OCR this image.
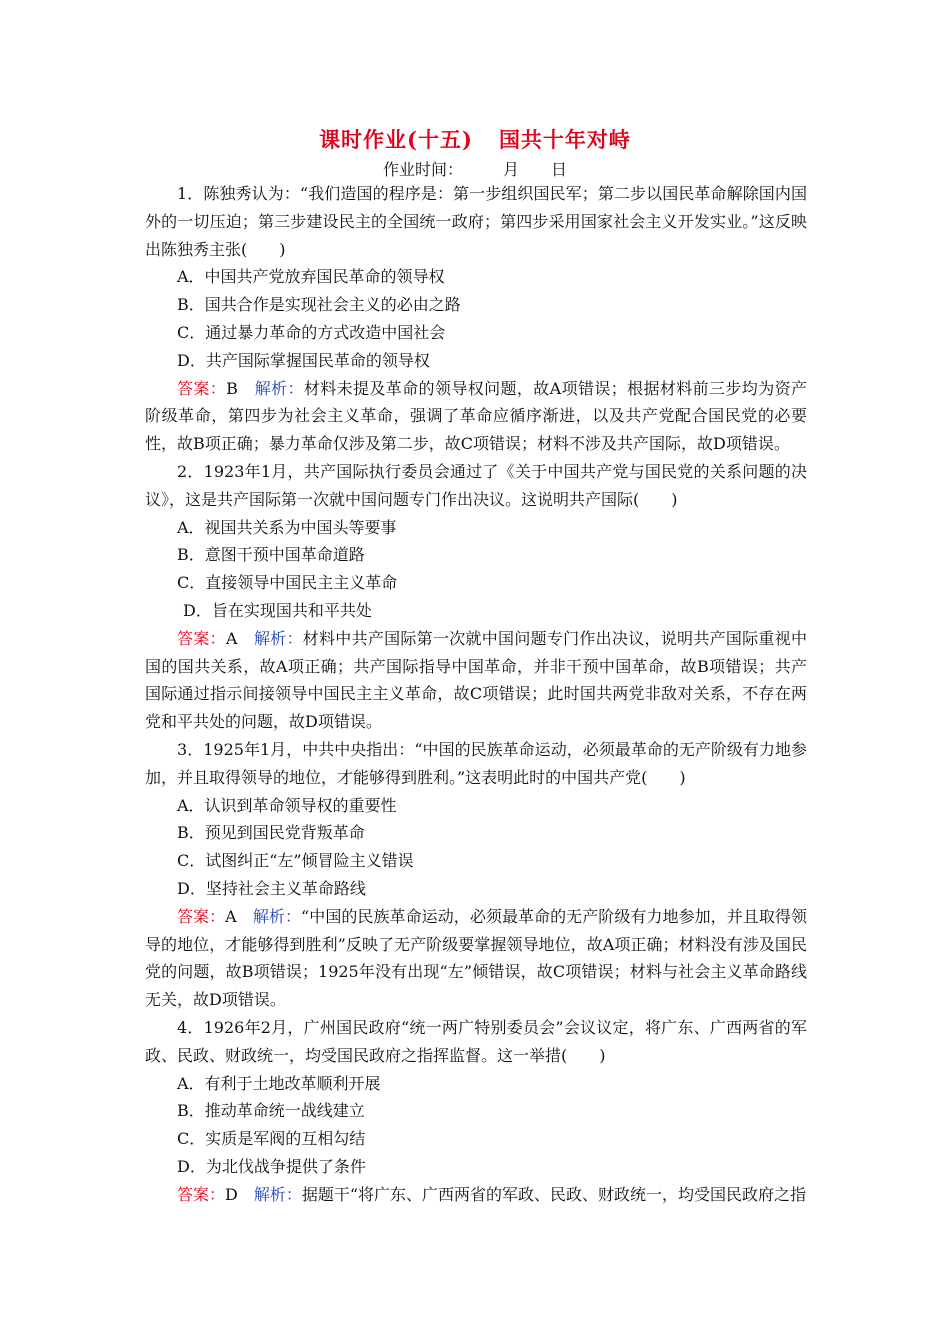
课时作业(十五) 国共十年对峙
作业时间：	月 日
1．陈独秀认为：“我们造国的程序是：第一步组织国民军；第二步以国民革命解除国内国外的一切压迫；第三步建设民主的全国统一政府；第四步采用国家社会主义开发实业。”这反映出陈独秀主张(　　)
A．中国共产党放弃国民革命的领导权
B．国共合作是实现社会主义的必由之路
C．通过暴力革命的方式改造中国社会
D．共产国际掌握国民革命的领导权
答案：B　 解析：材料未提及革命的领导权问题，故A项错误；根据材料前三步均为资产阶级革命，第四步为社会主义革命，强调了革命应循序渐进，以及共产党配合国民党的必要性，故B项正确；暴力革命仅涉及第二步，故C项错误；材料不涉及共产国际，故D项错误。
2．1923年1月，共产国际执行委员会通过了《关于中国共产党与国民党的关系问题的决议》，这是共产国际第一次就中国问题专门作出决议。这说明共产国际(　　)
A．视国共关系为中国头等要事
B．意图干预中国革命道路
C．直接领导中国民主主义革命
D．旨在实现国共和平共处
答案：A　 解析：材料中共产国际第一次就中国问题专门作出决议，说明共产国际重视中国的国共关系，故A项正确；共产国际指导中国革命，并非干预中国革命，故B项错误；共产国际通过指示间接领导中国民主主义革命，故C项错误；此时国共两党非敌对关系，不存在两党和平共处的问题，故D项错误。
3．1925年1月，中共中央指出：“中国的民族革命运动，必须最革命的无产阶级有力地参加，并且取得领导的地位，才能够得到胜利。”这表明此时的中国共产党(　　)
A．认识到革命领导权的重要性
B．预见到国民党背叛革命
C．试图纠正“左”倾冒险主义错误
D．坚持社会主义革命路线
答案：A　 解析：“中国的民族革命运动，必须最革命的无产阶级有力地参加，并且取得领导的地位，才能够得到胜利”反映了无产阶级要掌握领导地位，故A项正确；材料没有涉及国民党的问题，故B项错误；1925年没有出现“左”倾错误，故C项错误；材料与社会主义革命路线无关，故D项错误。
4．1926年2月，广州国民政府“统一两广特别委员会”会议议定，将广东、广西两省的军政、民政、财政统一，均受国民政府之指挥监督。这一举措(　　)
A．有利于土地改革顺利开展
B．推动革命统一战线建立
C．实质是军阀的互相勾结
D．为北伐战争提供了条件
答案：D　 解析：据题干“将广东、广西两省的军政、民政、财政统一，均受国民政府之指
